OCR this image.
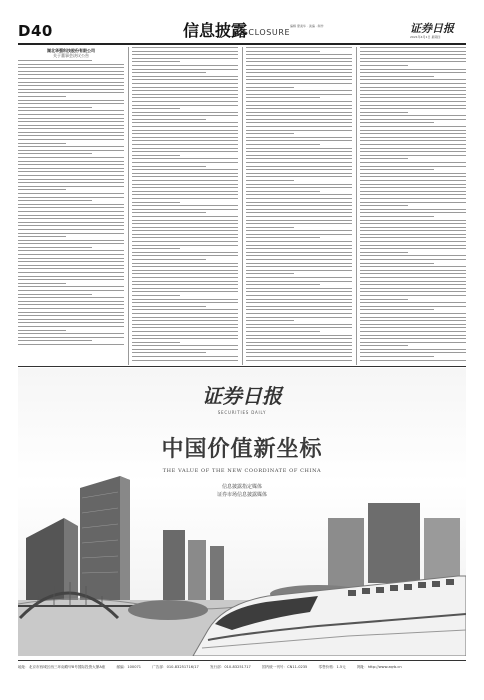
D40	信息披露
DISCLOSURE
编辑 蒙美华 · 美编 · 制作	证券日报
2021年4月1日 星期四
湖北华强科技股份有限公司
关于董事会决议公告
证券日报
SECURITIES DAILY
中国价值新坐标
THE VALUE OF THE NEW COORDINATE OF CHINA
信息披露指定媒体
证券市场信息披露媒体
地址：北京市西城区西三环南路甲8号国际投资大厦A座	邮编：100071	广告部：010-83251716/17	发行部：010-83251717	国内统一刊号：CN11-0235	零售价格：1.5元	网址：http://www.zqrb.cn
